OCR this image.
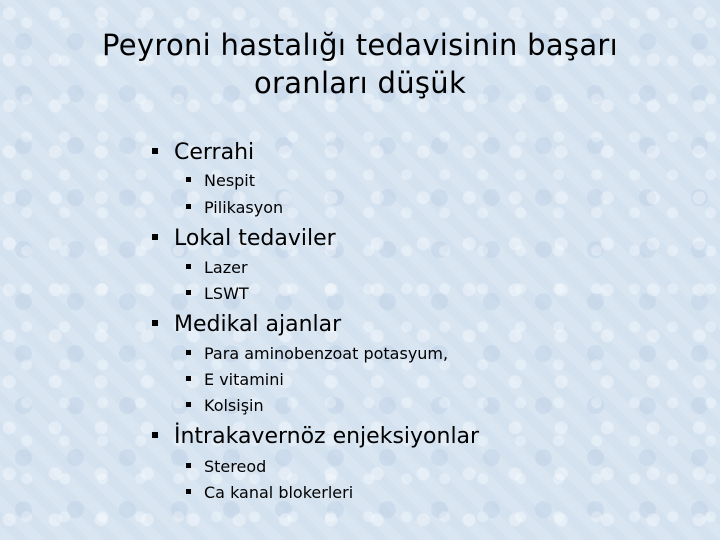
Peyroni hastalığı tedavisinin başarı
oranları düşük
Cerrahi
Nespit
Pilikasyon
Lokal tedaviler
Lazer
LSWT
Medikal ajanlar
Para aminobenzoat potasyum,
E vitamini
Kolsişin
İntrakavernöz enjeksiyonlar
Stereod
Ca kanal blokerleri
